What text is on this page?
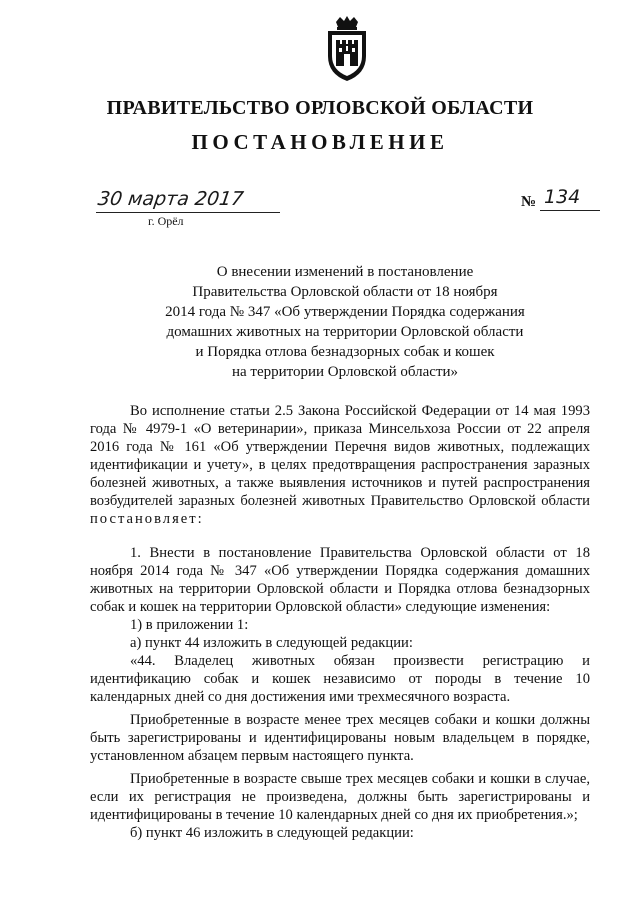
ПРАВИТЕЛЬСТВО ОРЛОВСКОЙ ОБЛАСТИ
ПОСТАНОВЛЕНИЕ
30 марта 2017
г. Орёл
№ 134
О внесении изменений в постановление
Правительства Орловской области от 18 ноября
2014 года № 347 «Об утверждении Порядка содержания
домашних животных на территории Орловской области
и Порядка отлова безнадзорных собак и кошек
на территории Орловской области»

Во исполнение статьи 2.5 Закона Российской Федерации от 14 мая 1993 года № 4979-1 «О ветеринарии», приказа Минсельхоза России от 22 апреля 2016 года № 161 «Об утверждении Перечня видов животных, подлежащих идентификации и учету», в целях предотвращения распространения заразных болезней животных, а также выявления источников и путей распространения возбудителей заразных болезней животных Правительство Орловской области постановляет:

1. Внести в постановление Правительства Орловской области от 18 ноября 2014 года № 347 «Об утверждении Порядка содержания домашних животных на территории Орловской области и Порядка отлова безнадзорных собак и кошек на территории Орловской области» следующие изменения:

1) в приложении 1:

а) пункт 44 изложить в следующей редакции:

«44. Владелец животных обязан произвести регистрацию и идентификацию собак и кошек независимо от породы в течение 10 календарных дней со дня достижения ими трехмесячного возраста.

Приобретенные в возрасте менее трех месяцев собаки и кошки должны быть зарегистрированы и идентифицированы новым владельцем в порядке, установленном абзацем первым настоящего пункта.

Приобретенные в возрасте свыше трех месяцев собаки и кошки в случае, если их регистрация не произведена, должны быть зарегистрированы и идентифицированы в течение 10 календарных дней со дня их приобретения.»;

б) пункт 46 изложить в следующей редакции:
